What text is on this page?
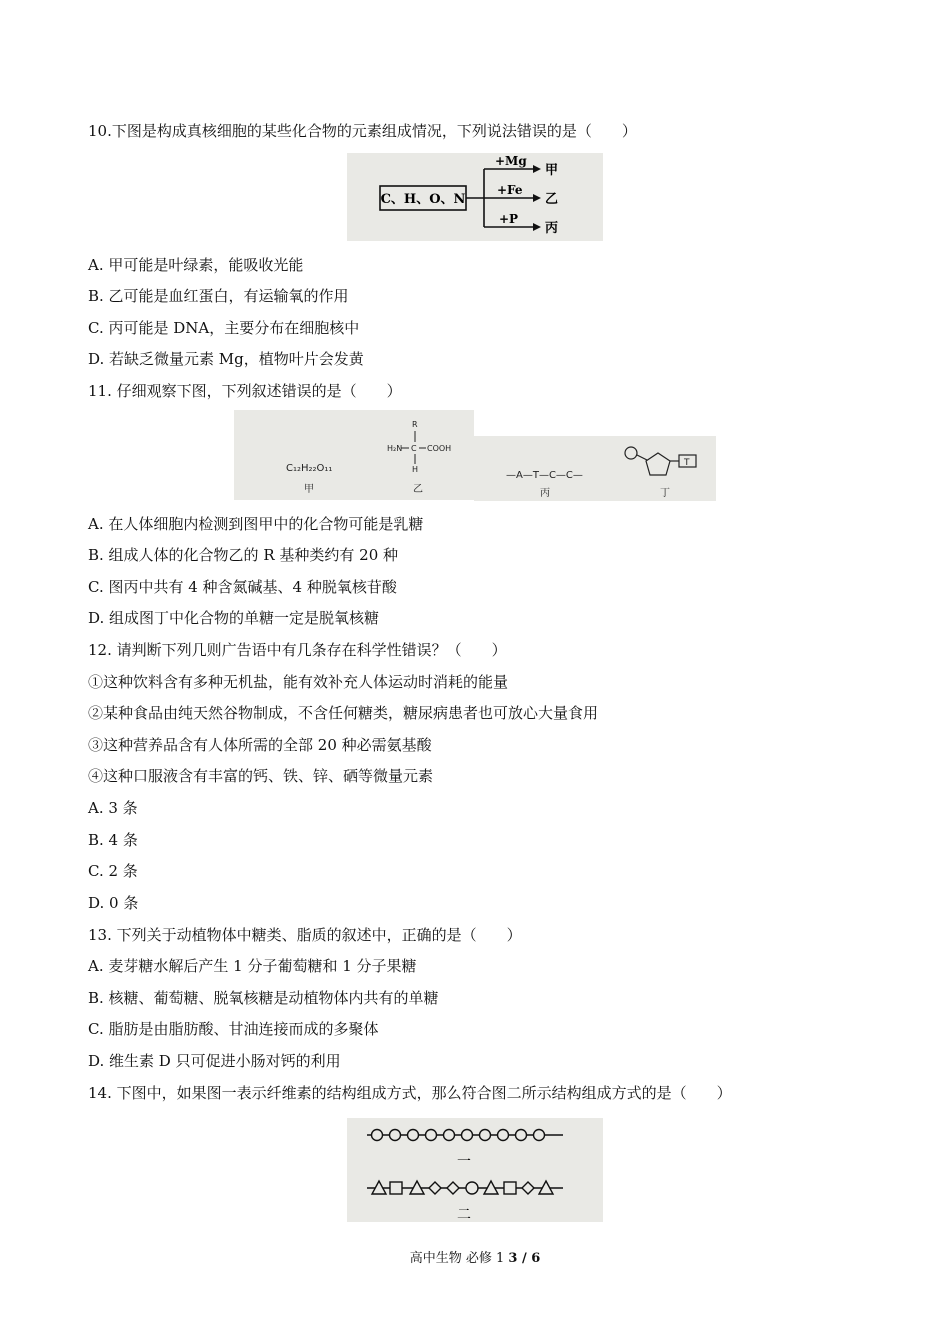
10.下图是构成真核细胞的某些化合物的元素组成情况，下列说法错误的是（　　）
C、H、O、N
+Mg
+Fe
+P
甲
乙
丙
A. 甲可能是叶绿素，能吸收光能
B. 乙可能是血红蛋白，有运输氧的作用
C. 丙可能是 DNA，主要分布在细胞核中
D. 若缺乏微量元素 Mg，植物叶片会发黄
11. 仔细观察下图，下列叙述错误的是（　　）
C₁₂H₂₂O₁₁
甲
R
H₂N C COOH
H
乙
—A—T—C—C—
丙
T
丁
A. 在人体细胞内检测到图甲中的化合物可能是乳糖
B. 组成人体的化合物乙的 R 基种类约有 20 种
C. 图丙中共有 4 种含氮碱基、4 种脱氧核苷酸
D. 组成图丁中化合物的单糖一定是脱氧核糖
12. 请判断下列几则广告语中有几条存在科学性错误？（　　）
①这种饮料含有多种无机盐，能有效补充人体运动时消耗的能量
②某种食品由纯天然谷物制成，不含任何糖类，糖尿病患者也可放心大量食用
③这种营养品含有人体所需的全部 20 种必需氨基酸
④这种口服液含有丰富的钙、铁、锌、硒等微量元素
A. 3 条
B. 4 条
C. 2 条
D. 0 条
13. 下列关于动植物体中糖类、脂质的叙述中，正确的是（　　）
A. 麦芽糖水解后产生 1 分子葡萄糖和 1 分子果糖
B. 核糖、葡萄糖、脱氧核糖是动植物体内共有的单糖
C. 脂肪是由脂肪酸、甘油连接而成的多聚体
D. 维生素 D 只可促进小肠对钙的利用
14. 下图中，如果图一表示纤维素的结构组成方式，那么符合图二所示结构组成方式的是（　　）
一
二
高中生物 必修 1 3 / 6
